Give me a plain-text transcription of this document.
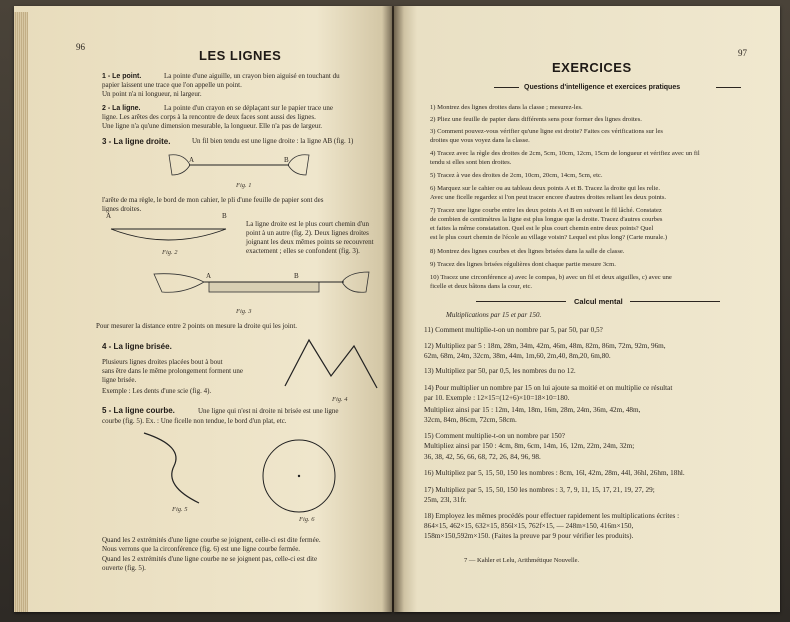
96
LES LIGNES
1 - Le point.	La pointe d'une aiguille, un crayon bien aiguisé en touchant du
papier laissent une trace que l'on appelle un point.
Un point n'a ni longueur, ni largeur.
2 - La ligne.	La pointe d'un crayon en se déplaçant sur le papier trace une
ligne. Les arêtes des corps à la rencontre de deux faces sont aussi des lignes.
Une ligne n'a qu'une dimension mesurable, la longueur. Elle n'a pas de largeur.
3 - La ligne droite.	Un fil bien tendu est une ligne droite : la ligne AB (fig. 1)
A	B
Fig. 1
l'arête de ma règle, le bord de mon cahier, le pli d'une feuille de papier sont des
lignes droites.
A	B
Fig. 2
La ligne droite est le plus court chemin d'un
point à un autre (fig. 2). Deux lignes droites
joignant les deux mêmes points se recouvrent
exactement ; elles se confondent (fig. 3).
A	B
Fig. 3
Pour mesurer la distance entre 2 points on mesure la droite qui les joint.
4 - La ligne brisée.
Plusieurs lignes droites placées bout à bout
sans être dans le même prolongement forment une
ligne brisée.
Exemple : Les dents d'une scie (fig. 4).
Fig. 4
5 - La ligne courbe.	Une ligne qui n'est ni droite ni brisée est une ligne
courbe (fig. 5). Ex. : Une ficelle non tendue, le bord d'un plat, etc.
Fig. 5
Fig. 6
Quand les 2 extrémités d'une ligne courbe se joignent, celle-ci est dite fermée.
Nous verrons que la circonférence (fig. 6) est une ligne courbe fermée.
Quand les 2 extrémités d'une ligne courbe ne se joignent pas, celle-ci est dite
ouverte (fig. 5).
97
EXERCICES
Questions d'intelligence et exercices pratiques
1) Montrez des lignes droites dans la classe ; mesurez-les.
2) Pliez une feuille de papier dans différents sens pour former des lignes droites.
3) Comment pouvez-vous vérifier qu'une ligne est droite? Faites ces vérifications sur les
droites que vous voyez dans la classe.
4) Tracez avec la règle des droites de 2cm, 5cm, 10cm, 12cm, 15cm de longueur et vérifiez avec un fil
tendu si elles sont bien droites.
5) Tracez à vue des droites de 2cm, 10cm, 20cm, 14cm, 5cm, etc.
6) Marquez sur le cahier ou au tableau deux points A et B. Tracez la droite qui les relie.
Avec une ficelle regardez si l'on peut tracer encore d'autres droites reliant les deux points.
7) Tracez une ligne courbe entre les deux points A et B en suivant le fil lâché. Constatez
de combien de centimètres la ligne est plus longue que la droite. Tracez d'autres courbes
et faites la même constatation. Quel est le plus court chemin entre deux points? Quel
est le plus court chemin de l'école au village voisin? Lequel est plus long? (Carte murale.)
8) Montrez des lignes courbes et des lignes brisées dans la salle de classe.
9) Tracez des lignes brisées régulières dont chaque partie mesure 3cm.
10) Tracez une circonférence a) avec le compas, b) avec un fil et deux aiguilles, c) avec une
ficelle et deux bâtons dans la cour, etc.
Calcul mental
Multiplications par 15 et par 150.
11) Comment multiplie-t-on un nombre par 5, par 50, par 0,5?
12) Multipliez par 5 : 18m, 28m, 34m, 42m, 46m, 48m, 82m, 86m, 72m, 92m, 96m,
62m, 68m, 24m, 32cm, 38m, 44m, 1m,60, 2m,40, 8m,20, 6m,80.
13) Multipliez par 50, par 0,5, les nombres du no 12.
14) Pour multiplier un nombre par 15 on lui ajoute sa moitié et on multiplie ce résultat
par 10. Exemple : 12×15=(12+6)×10=18×10=180.
Multipliez ainsi par 15 : 12m, 14m, 18m, 16m, 28m, 24m, 36m, 42m, 48m,
32cm, 84m, 86cm, 72cm, 58cm.
15) Comment multiplie-t-on un nombre par 150?
Multipliez ainsi par 150 : 4cm, 8m, 6cm, 14m, 16, 12m, 22m, 24m, 32m;
36, 38, 42, 56, 66, 68, 72, 26, 84, 96, 98.
16) Multipliez par 5, 15, 50, 150 les nombres : 8cm, 16l, 42m, 28m, 44l, 36hl, 26hm, 18hl.
17) Multipliez par 5, 15, 50, 150 les nombres : 3, 7, 9, 11, 15, 17, 21, 19, 27, 29;
25m, 23l, 31fr.
18) Employez les mêmes procédés pour effectuer rapidement les multiplications écrites :
864×15, 462×15, 632×15, 856l×15, 762f×15, — 248m×150, 416m×150,
158m×150,592m×150. (Faites la preuve par 9 pour vérifier les produits).
7 — Kahler et Lelu, Arithmétique Nouvelle.
